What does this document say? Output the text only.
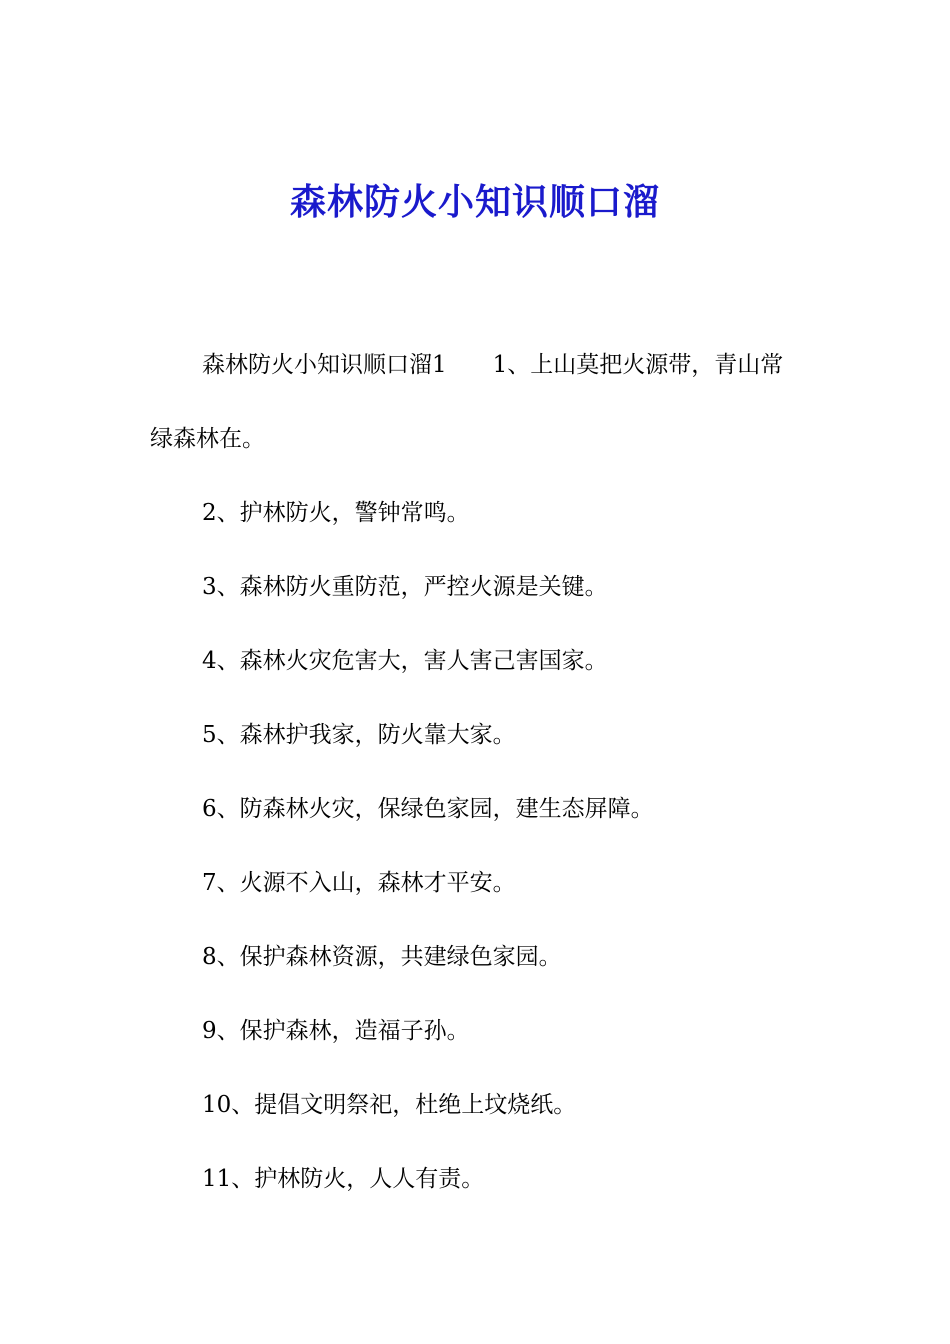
森林防火小知识顺口溜

森林防火小知识顺口溜1 1、上山莫把火源带，青山常绿森林在。

2、护林防火，警钟常鸣。

3、森林防火重防范，严控火源是关键。

4、森林火灾危害大，害人害己害国家。

5、森林护我家，防火靠大家。

6、防森林火灾，保绿色家园，建生态屏障。

7、火源不入山，森林才平安。

8、保护森林资源，共建绿色家园。

9、保护森林，造福子孙。

10、提倡文明祭祀，杜绝上坟烧纸。

11、护林防火，人人有责。
